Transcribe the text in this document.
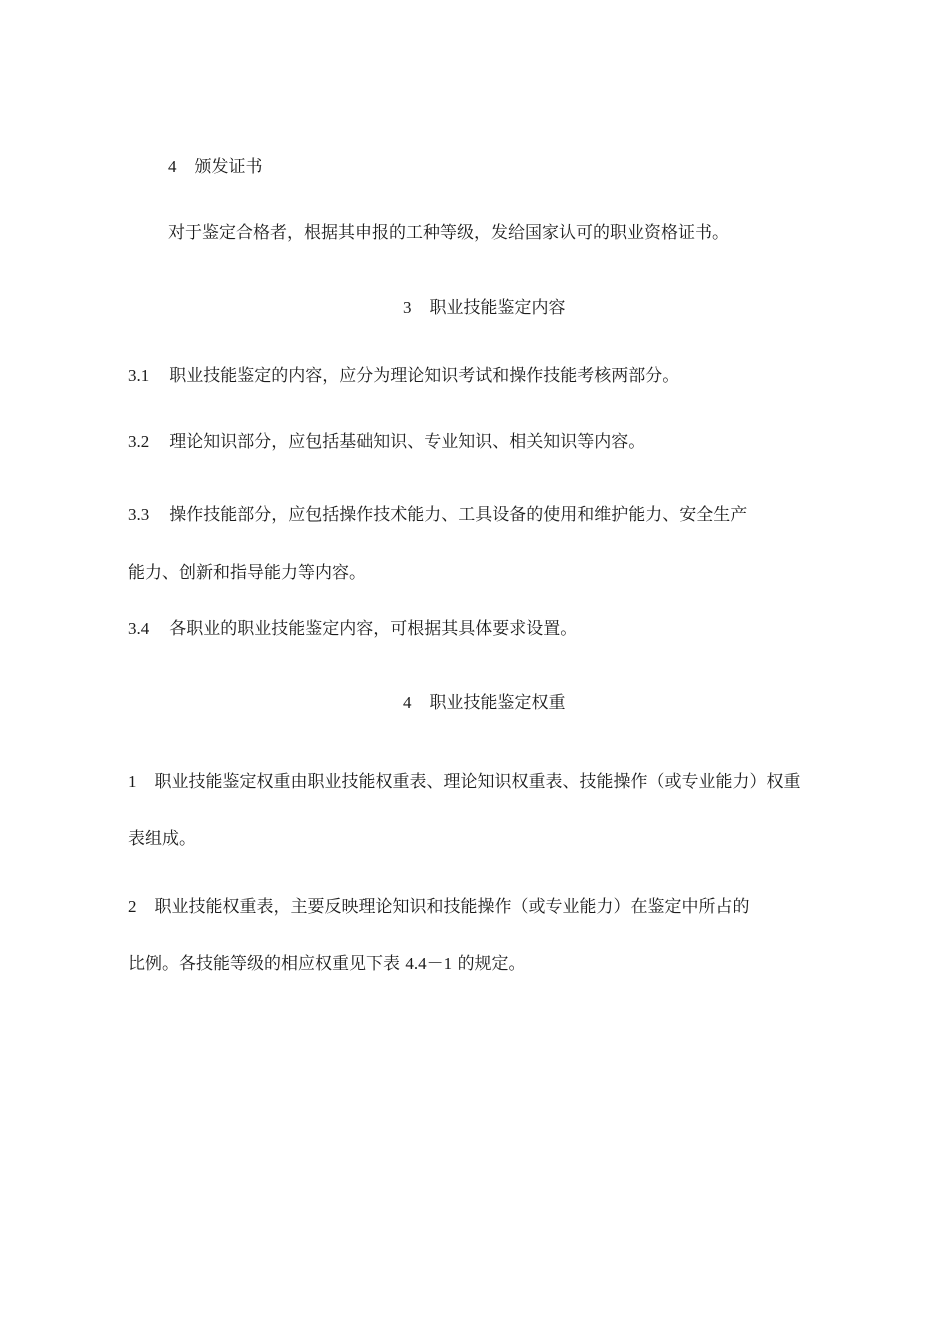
4 颁发证书
对于鉴定合格者，根据其申报的工种等级，发给国家认可的职业资格证书。
3 职业技能鉴定内容
3.1 职业技能鉴定的内容，应分为理论知识考试和操作技能考核两部分。
3.2 理论知识部分，应包括基础知识、专业知识、相关知识等内容。
3.3 操作技能部分，应包括操作技术能力、工具设备的使用和维护能力、安全生产
能力、创新和指导能力等内容。
3.4 各职业的职业技能鉴定内容，可根据其具体要求设置。
4 职业技能鉴定权重
1 职业技能鉴定权重由职业技能权重表、理论知识权重表、技能操作（或专业能力）权重
表组成。
2 职业技能权重表，主要反映理论知识和技能操作（或专业能力）在鉴定中所占的
比例。各技能等级的相应权重见下表 4.4－1 的规定。
